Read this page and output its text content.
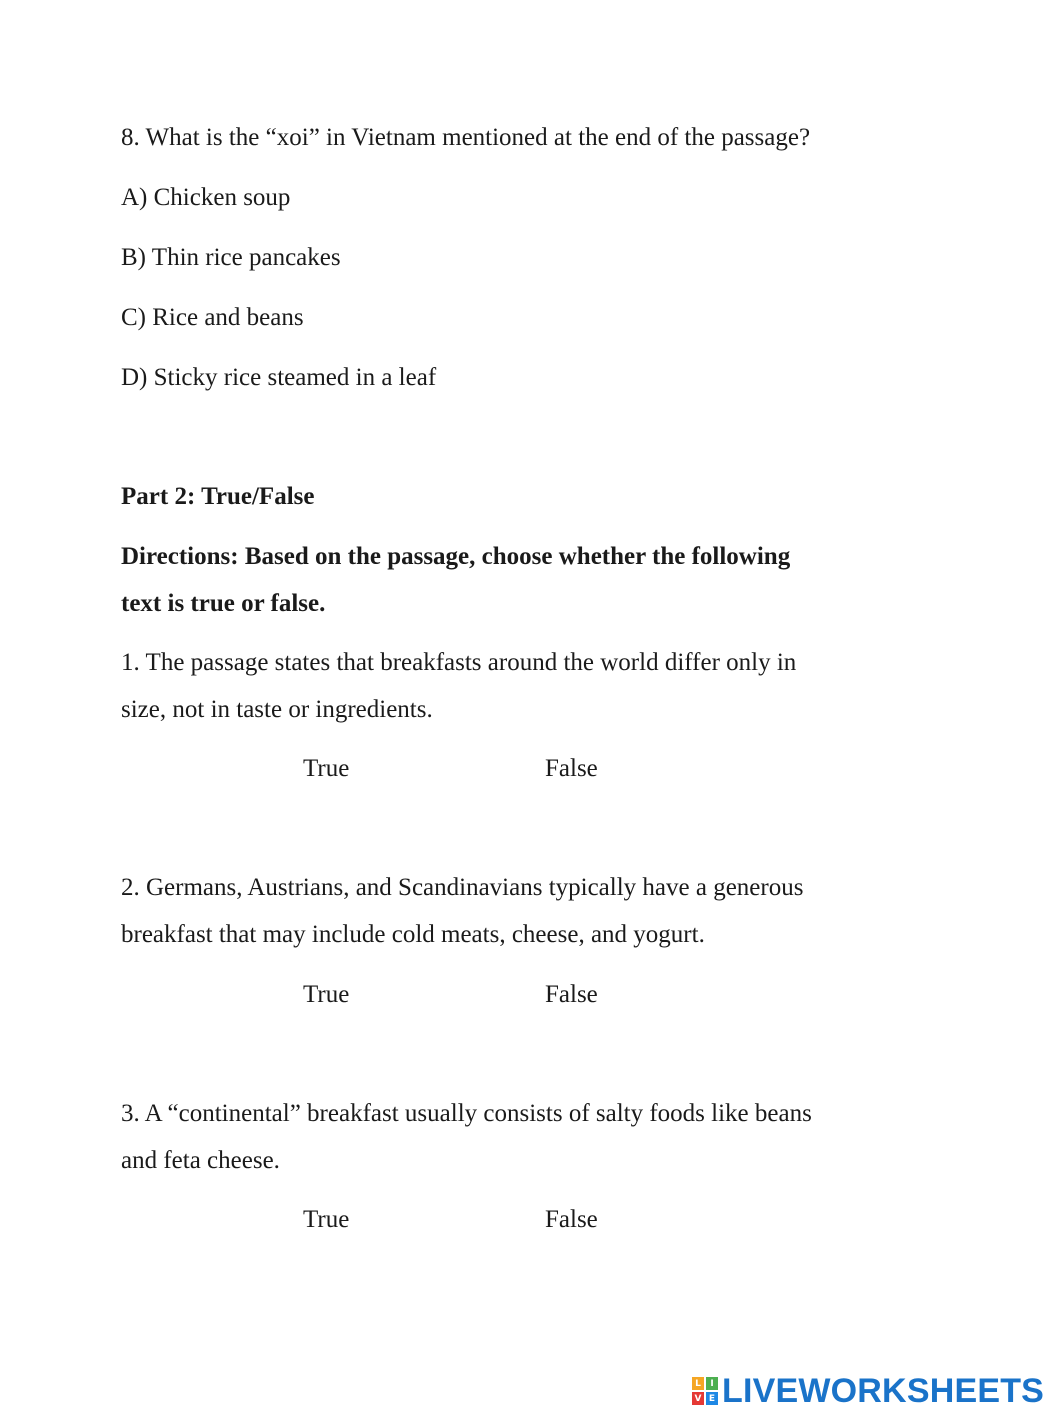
8. What is the “xoi” in Vietnam mentioned at the end of the passage?
A) Chicken soup
B) Thin rice pancakes
C) Rice and beans
D) Sticky rice steamed in a leaf
Part 2: True/False
Directions: Based on the passage, choose whether the following
text is true or false.
1. The passage states that breakfasts around the world differ only in
size, not in taste or ingredients.
True	False
2. Germans, Austrians, and Scandinavians typically have a generous
breakfast that may include cold meats, cheese, and yogurt.
True	False
3. A “continental” breakfast usually consists of salty foods like beans
and feta cheese.
True	False
L	I
V E LIVEWORKSHEETS
